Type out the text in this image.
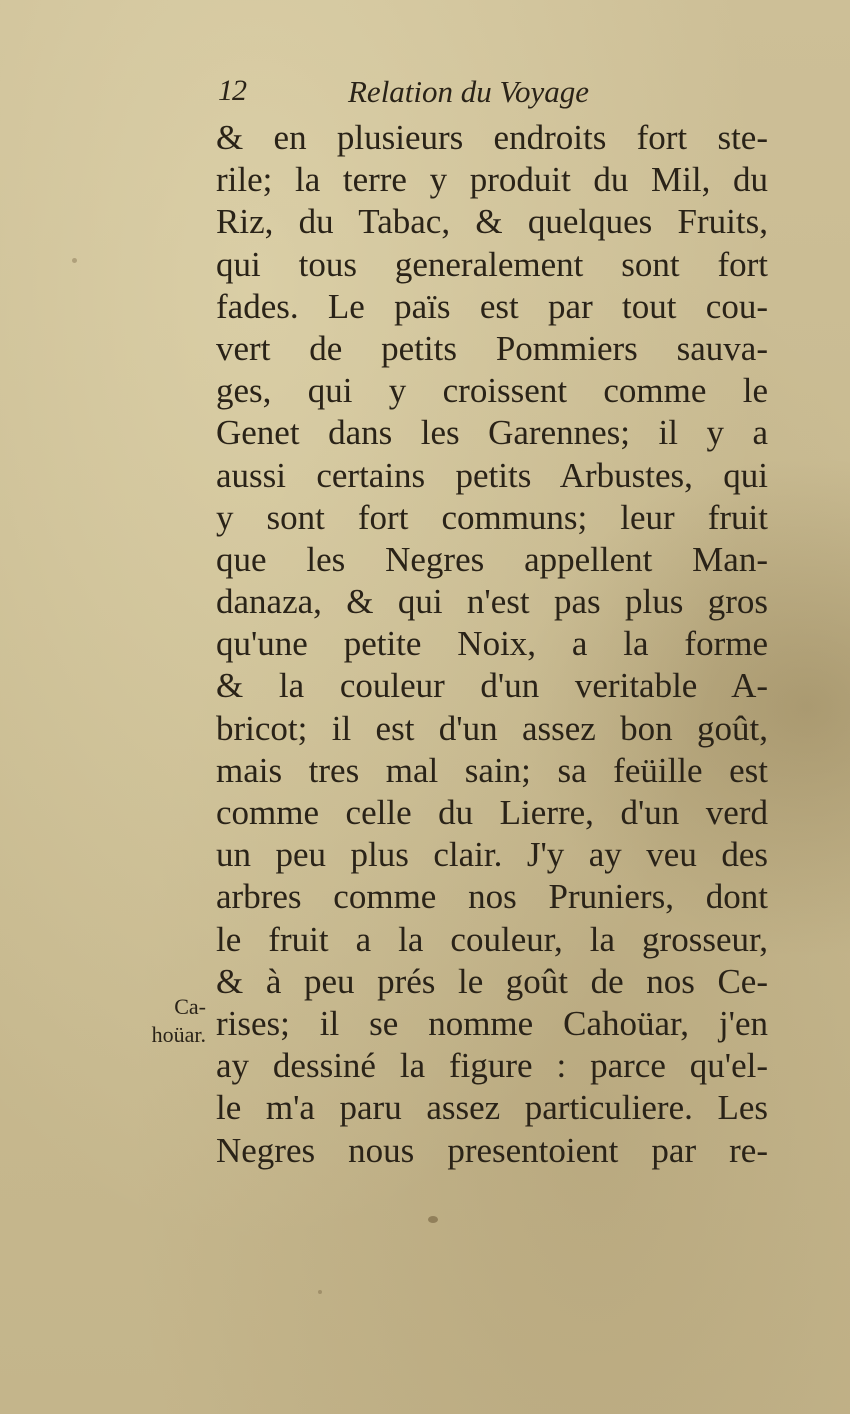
12	Relation du Voyage
Ca-
hoüar.
& en plusieurs endroits fort ste-
rile; la terre y produit du Mil, du
Riz, du Tabac, & quelques Fruits,
qui tous generalement sont fort
fades. Le païs est par tout cou-
vert de petits Pommiers sauva-
ges, qui y croissent comme le
Genet dans les Garennes; il y a
aussi certains petits Arbustes, qui
y sont fort communs; leur fruit
que les Negres appellent Man-
danaza, & qui n'est pas plus gros
qu'une petite Noix, a la forme
& la couleur d'un veritable A-
bricot; il est d'un assez bon goût,
mais tres mal sain; sa feüille est
comme celle du Lierre, d'un verd
un peu plus clair. J'y ay veu des
arbres comme nos Pruniers, dont
le fruit a la couleur, la grosseur,
& à peu prés le goût de nos Ce-
rises; il se nomme Cahoüar, j'en
ay dessiné la figure : parce qu'el-
le m'a paru assez particuliere. Les
Negres nous presentoient par re-
